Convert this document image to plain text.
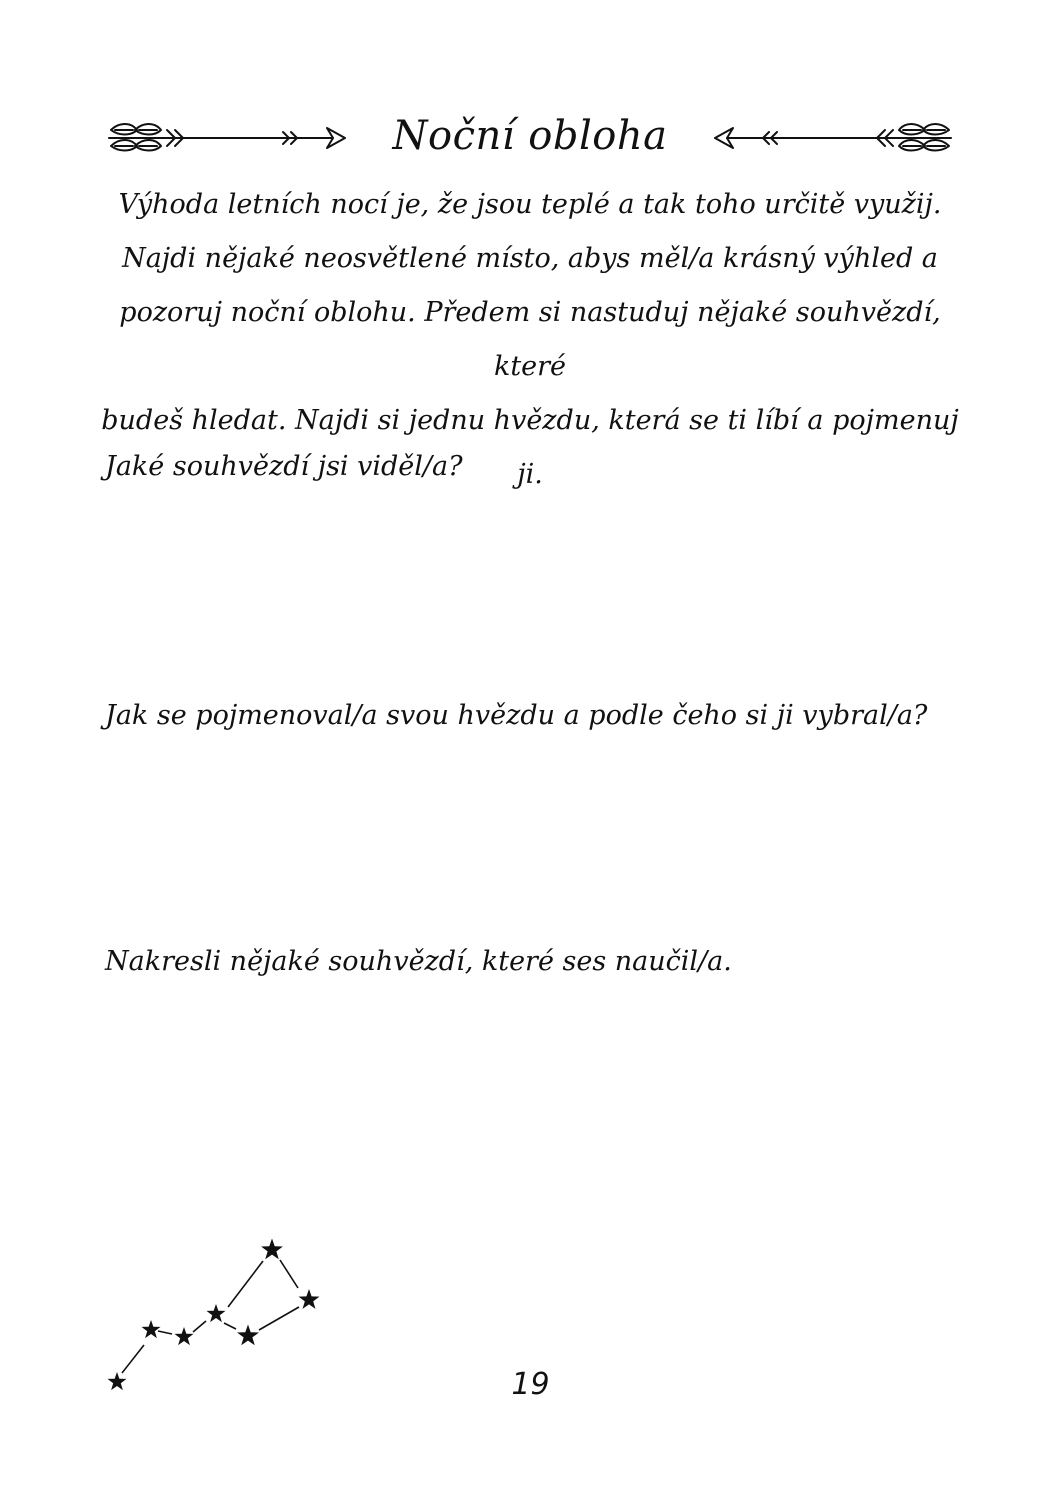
Noční obloha

Výhoda letních nocí je, že jsou teplé a tak toho určitě využij.
Najdi nějaké neosvětlené místo, abys měl/a krásný výhled a
pozoruj noční oblohu. Předem si nastuduj nějaké souhvězdí, které
budeš hledat. Najdi si jednu hvězdu, která se ti líbí a pojmenuj ji.

Jaké souhvězdí jsi viděl/a?

Jak se pojmenoval/a svou hvězdu a podle čeho si ji vybral/a?

Nakresli nějaké souhvězdí, které ses naučil/a.

19
